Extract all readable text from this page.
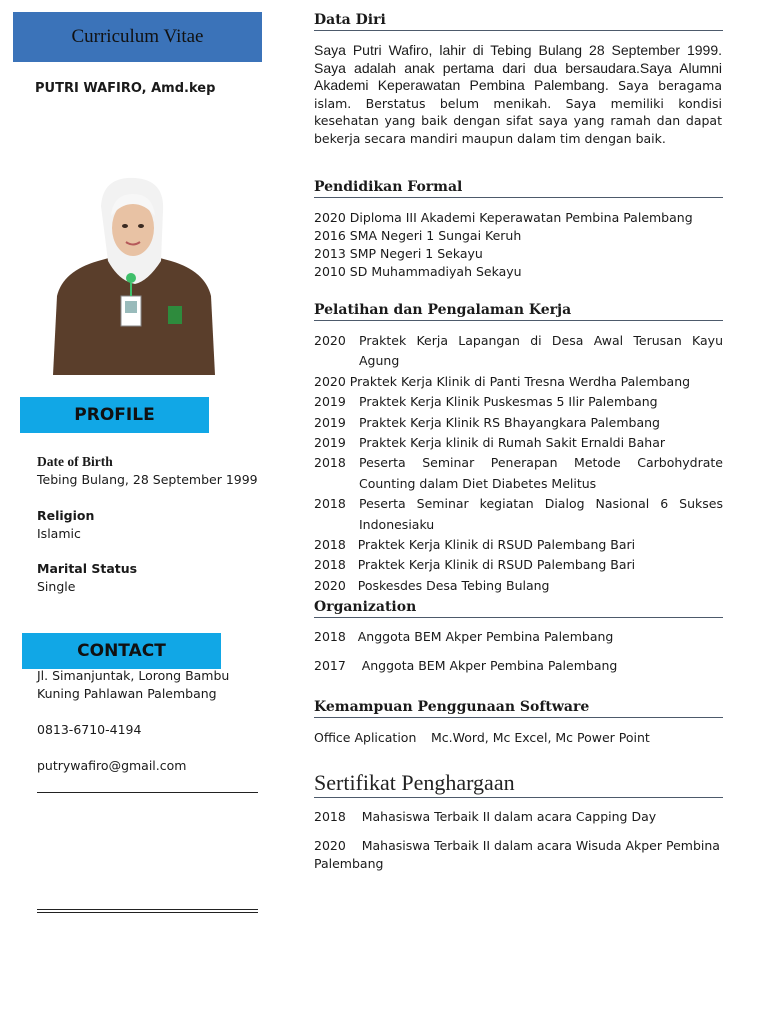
Curriculum Vitae
PUTRI WAFIRO, Amd.kep
PROFILE
Date of Birth
Tebing Bulang, 28 September 1999
Religion
Islamic
Marital Status
Single
CONTACT
Jl. Simanjuntak, Lorong Bambu
Kuning Pahlawan Palembang
0813-6710-4194
putrywafiro@gmail.com
Data Diri
Saya Putri Wafiro, lahir di Tebing Bulang 28 September 1999. Saya adalah anak pertama dari dua bersaudara.Saya Alumni Akademi Keperawatan Pembina Palembang. Saya beragama islam. Berstatus belum menikah. Saya memiliki kondisi kesehatan yang baik dengan sifat saya yang ramah dan dapat bekerja secara mandiri maupun dalam tim dengan baik.
Pendidikan Formal
2020 Diploma III Akademi Keperawatan Pembina Palembang
2016 SMA Negeri 1 Sungai Keruh
2013 SMP Negeri 1 Sekayu
2010 SD Muhammadiyah Sekayu
Pelatihan dan Pengalaman Kerja
2020	Praktek Kerja Lapangan di Desa Awal Terusan Kayu Agung
2020 Praktek Kerja Klinik di Panti Tresna Werdha Palembang
2019	Praktek Kerja Klinik Puskesmas 5 Ilir Palembang
2019	Praktek Kerja Klinik RS Bhayangkara Palembang
2019	Praktek Kerja klinik di Rumah Sakit Ernaldi Bahar
2018	Peserta Seminar Penerapan Metode Carbohydrate Counting dalam Diet Diabetes Melitus
2018	Peserta Seminar kegiatan Dialog Nasional 6 Sukses Indonesiaku
2018   Praktek Kerja Klinik di RSUD Palembang Bari
2018   Praktek Kerja Klinik di RSUD Palembang Bari
2020   Poskesdes Desa Tebing Bulang
Organization
2018   Anggota BEM Akper Pembina Palembang
2017    Anggota BEM Akper Pembina Palembang
Kemampuan Penggunaan Software
Office Aplication Mc.Word, Mc Excel, Mc Power Point
Sertifikat Penghargaan
2018    Mahasiswa Terbaik II dalam acara Capping Day
2020    Mahasiswa Terbaik II dalam acara Wisuda Akper Pembina Palembang
